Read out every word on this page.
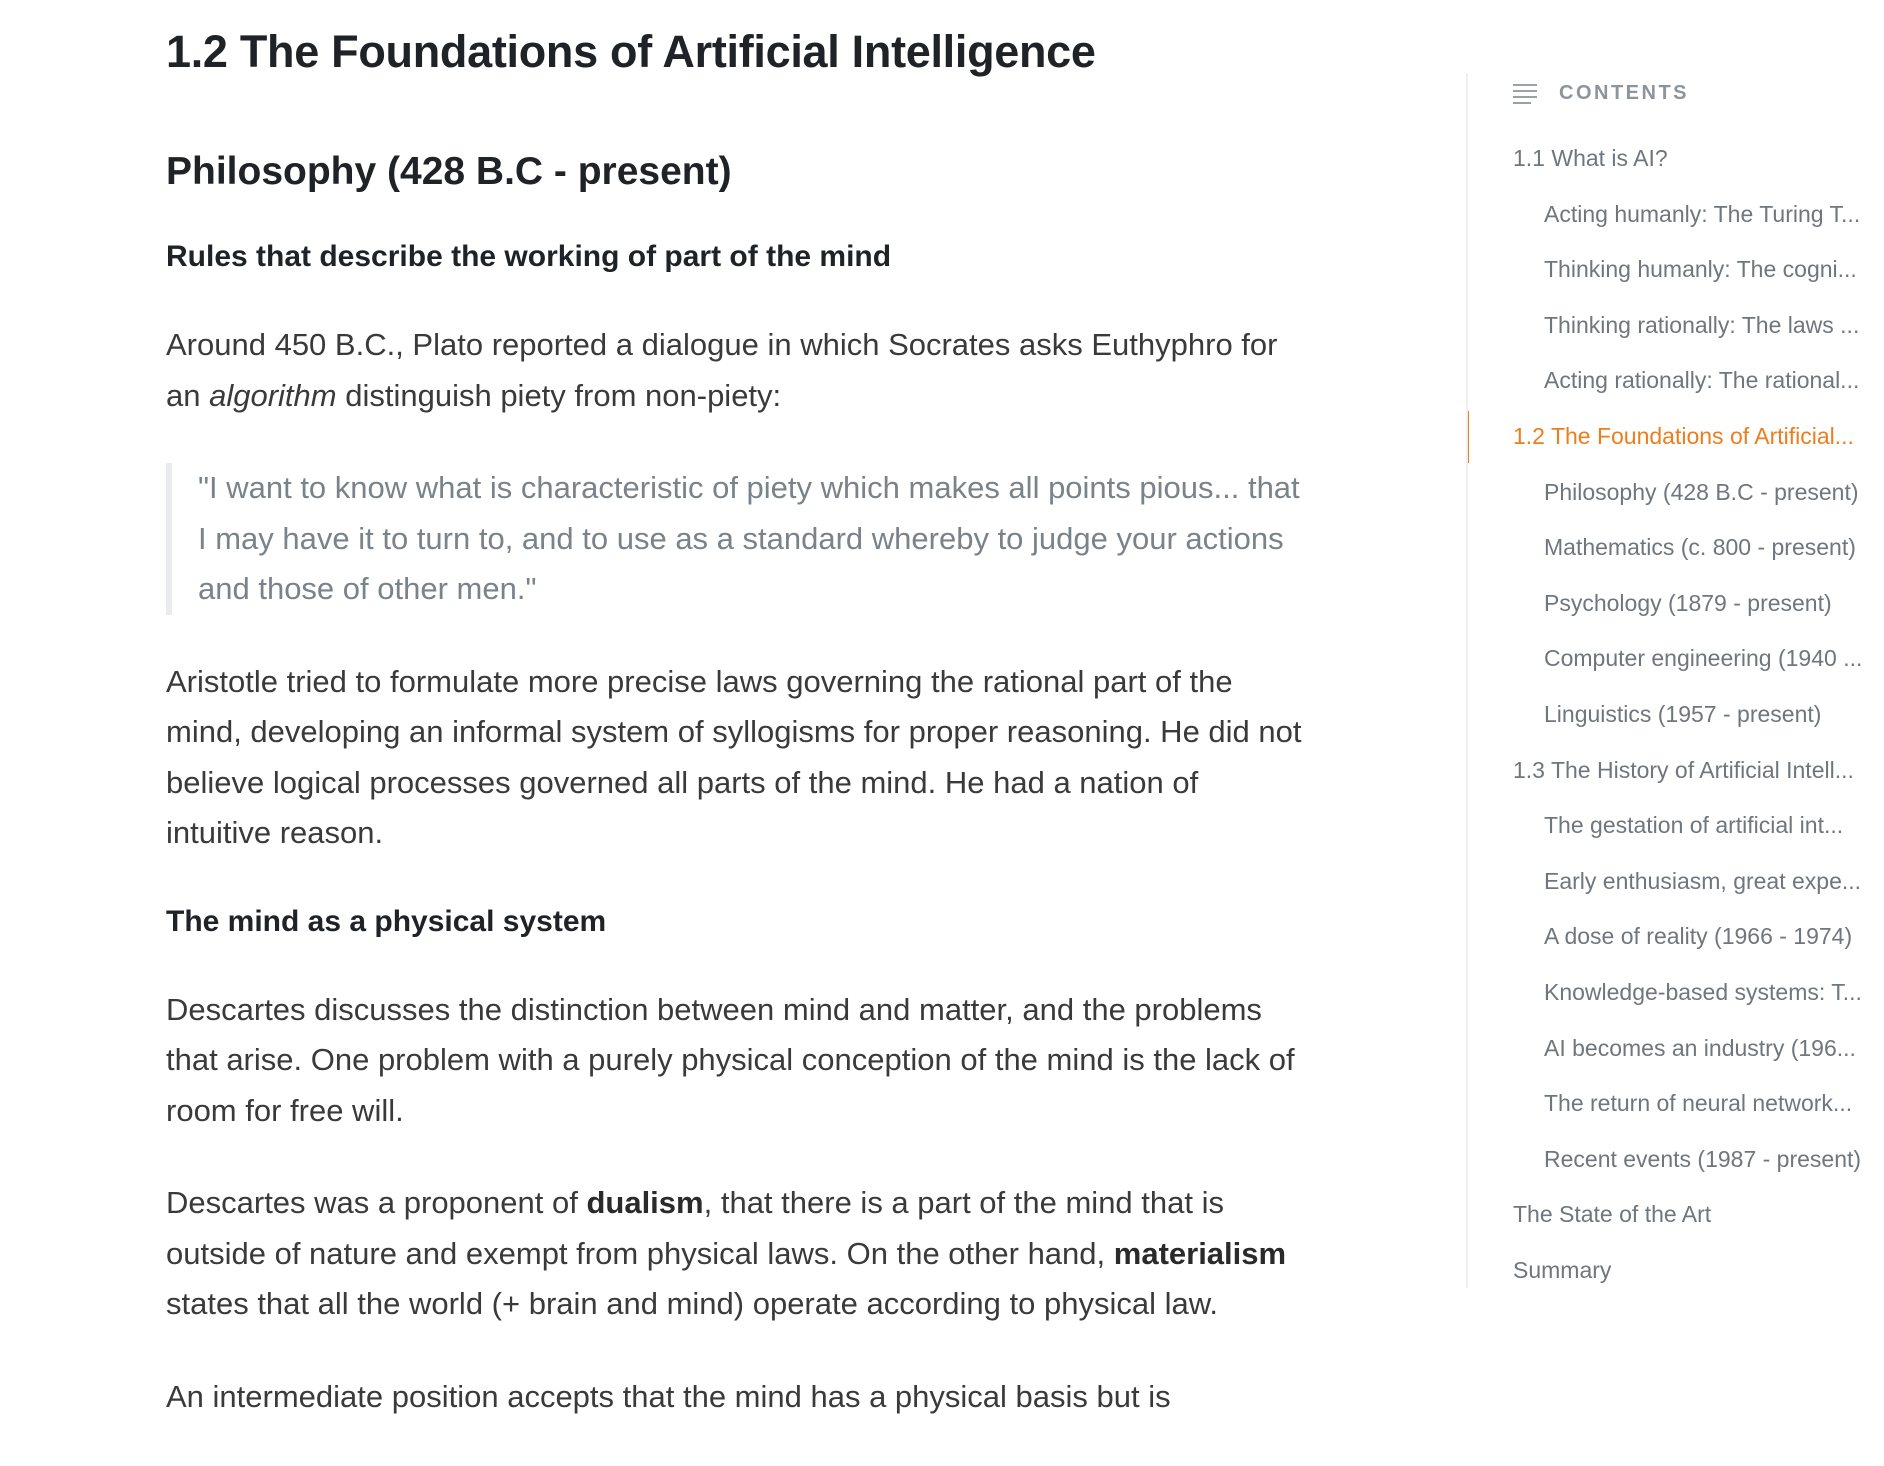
1.2 The Foundations of Artificial Intelligence
Philosophy (428 B.C - present)
Rules that describe the working of part of the mind

Around 450 B.C., Plato reported a dialogue in which Socrates asks Euthyphro for an algorithm distinguish piety from non-piety:

"I want to know what is characteristic of piety which makes all points pious... that I may have it to turn to, and to use as a standard whereby to judge your actions and those of other men."

Aristotle tried to formulate more precise laws governing the rational part of the mind, developing an informal system of syllogisms for proper reasoning. He did not believe logical processes governed all parts of the mind. He had a nation of intuitive reason.

The mind as a physical system

Descartes discusses the distinction between mind and matter, and the problems that arise. One problem with a purely physical conception of the mind is the lack of room for free will.

Descartes was a proponent of dualism, that there is a part of the mind that is outside of nature and exempt from physical laws. On the other hand, materialism states that all the world (+ brain and mind) operate according to physical law.

An intermediate position accepts that the mind has a physical basis but is

CONTENTS
1.1 What is AI?
Acting humanly: The Turing T...
Thinking humanly: The cogni...
Thinking rationally: The laws ...
Acting rationally: The rational...
1.2 The Foundations of Artificial...
Philosophy (428 B.C - present)
Mathematics (c. 800 - present)
Psychology (1879 - present)
Computer engineering (1940 ...
Linguistics (1957 - present)
1.3 The History of Artificial Intell...
The gestation of artificial int...
Early enthusiasm, great expe...
A dose of reality (1966 - 1974)
Knowledge-based systems: T...
AI becomes an industry (196...
The return of neural network...
Recent events (1987 - present)
The State of the Art
Summary
